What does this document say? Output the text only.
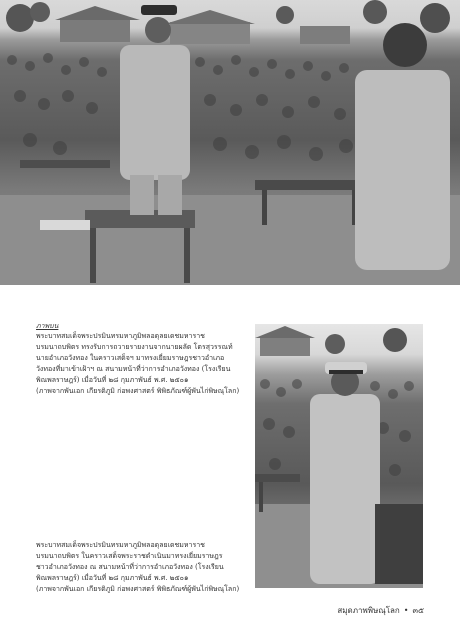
ภาพบน
พระบาทสมเด็จพระปรมินทรมหาภูมิพลอดุลยเดชมหาราช
บรมนาถบพิตร ทรงรับการถวายรายงานจากนายผลัด โตรสุวรรณท์
นายอำเภอวังทอง ในคราวเสด็จฯ มาทรงเยี่ยมราษฎรชาวอำเภอ
วังทองที่มาเข้าเฝ้าฯ ณ สนามหน้าที่ว่าการอำเภอวังทอง (โรงเรียน
พิณพลราษฎร์) เมื่อวันที่ ๒๘ กุมภาพันธ์ พ.ศ. ๒๕๐๑
(ภาพจากพันเอก เกียรติภูมิ ก่อพงศาสตร์ พิพิธภัณฑ์ผู้พันไก่พิษณุโลก)
พระบาทสมเด็จพระปรมินทรมหาภูมิพลอดุลยเดชมหาราช
บรมนาถบพิตร ในคราวเสด็จพระราชดำเนินมาทรงเยี่ยมราษฎร
ชาวอำเภอวังทอง ณ สนามหน้าที่ว่าการอำเภอวังทอง (โรงเรียน
พิณพลราษฎร์) เมื่อวันที่ ๒๘ กุมภาพันธ์ พ.ศ. ๒๕๐๑
(ภาพจากพันเอก เกียรติภูมิ ก่อพงศาสตร์ พิพิธภัณฑ์ผู้พันไก่พิษณุโลก)
สมุดภาพพิษณุโลก • ๓๕
